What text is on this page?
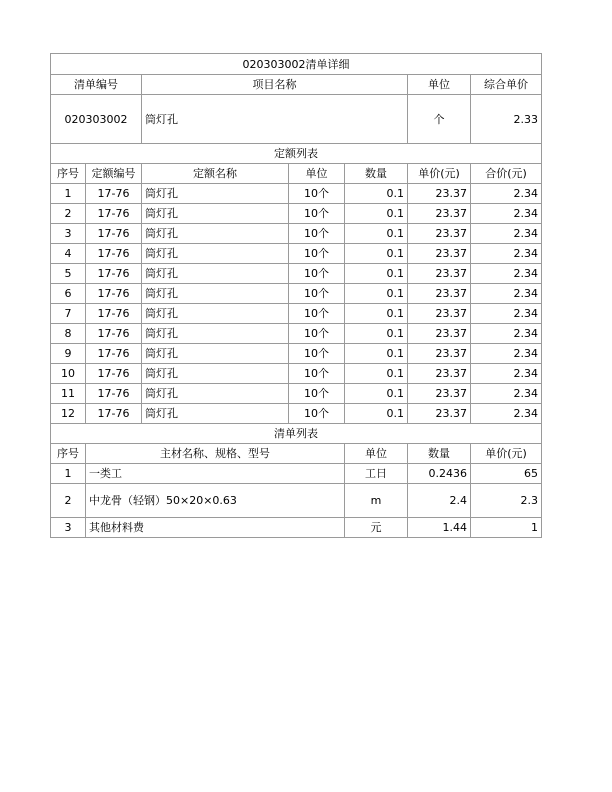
020303002清单详细							
清单编号		项目名称			单位	综合单价	
020303002		筒灯孔			个	2.33	
定额列表							
序号	定额编号	定额名称	单位	数量	单价(元)	合价(元)	
1	17-76	筒灯孔	10个	0.1	23.37	2.34	
2	17-76	筒灯孔	10个	0.1	23.37	2.34	
3	17-76	筒灯孔	10个	0.1	23.37	2.34	
4	17-76	筒灯孔	10个	0.1	23.37	2.34	
5	17-76	筒灯孔	10个	0.1	23.37	2.34	
6	17-76	筒灯孔	10个	0.1	23.37	2.34	
7	17-76	筒灯孔	10个	0.1	23.37	2.34	
8	17-76	筒灯孔	10个	0.1	23.37	2.34	
9	17-76	筒灯孔	10个	0.1	23.37	2.34	
10	17-76	筒灯孔	10个	0.1	23.37	2.34	
11	17-76	筒灯孔	10个	0.1	23.37	2.34	
12	17-76	筒灯孔	10个	0.1	23.37	2.34	
清单列表							
序号	主材名称、规格、型号			单位	数量	单价(元)	
1	一类工			工日	0.2436	65	
2	中龙骨（轻钢）50×20×0.63			m	2.4	2.3	
3	其他材料费			元	1.44	1	
